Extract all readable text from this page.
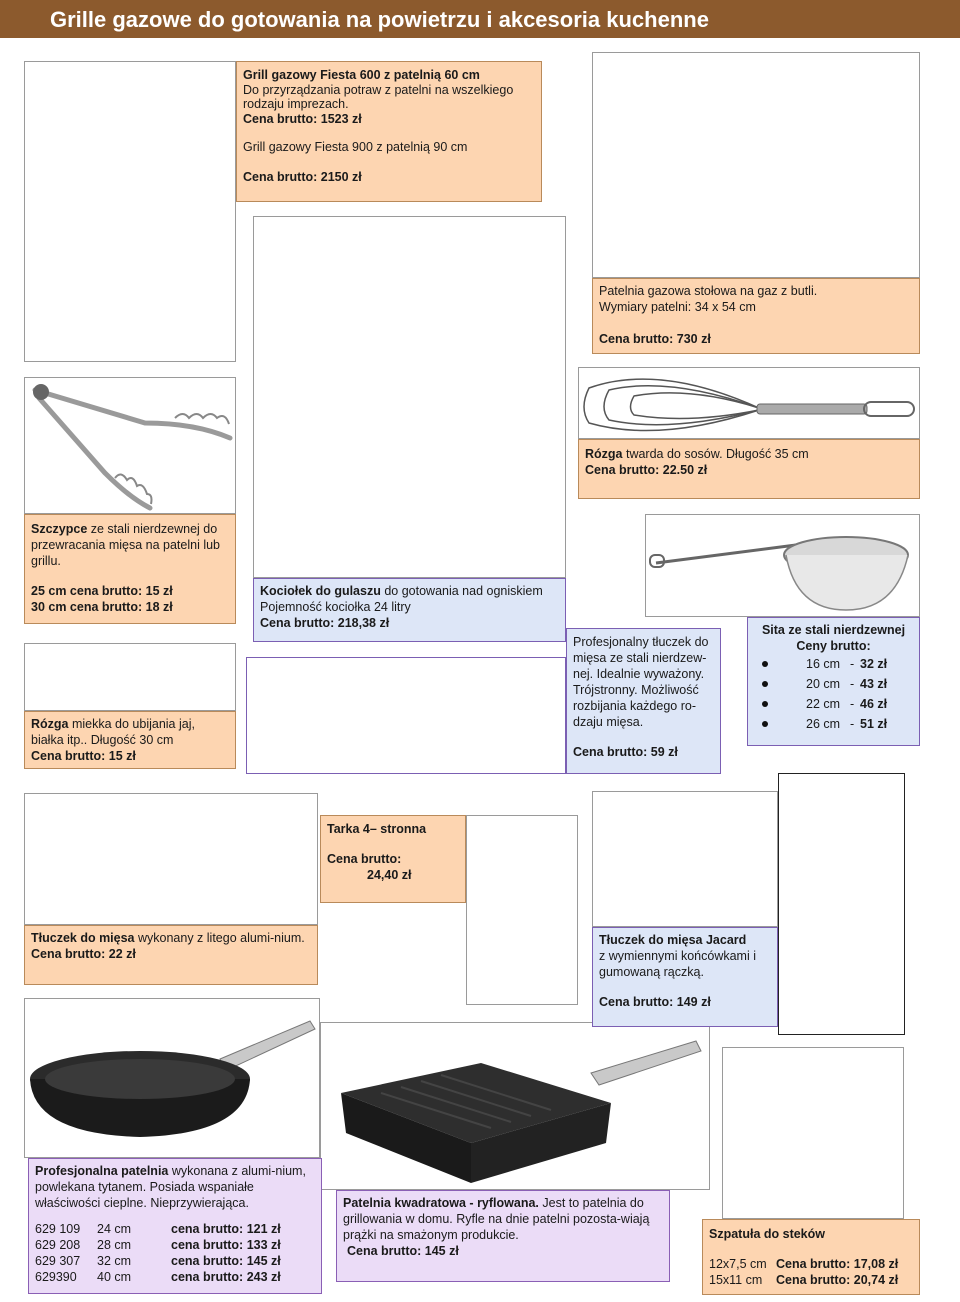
Grille gazowe do gotowania na powietrzu i akcesoria kuchenne
Grill gazowy Fiesta 600 z patelnią 60 cm
Do przyrządzania potraw z patelni na wszelkiego rodzaju imprezach.
Cena brutto: 1523 zł
Grill gazowy Fiesta 900 z patelnią 90 cm
Cena brutto: 2150 zł
Patelnia gazowa stołowa na gaz z butli.
Wymiary patelni: 34 x 54 cm
Cena brutto: 730 zł
Rózga twarda do sosów. Długość 35 cm
Cena brutto: 22.50 zł
Szczypce ze stali nierdzewnej do przewracania mięsa na patelni lub grillu.
25 cm cena brutto: 15 zł
30 cm cena brutto: 18 zł
Kociołek do gulaszu do gotowania nad ogniskiem
Pojemność kociołka 24 litry
Cena brutto: 218,38 zł
Profesjonalny tłuczek do mięsa ze stali nierdzew-nej. Idealnie wyważony. Trójstronny. Możliwość rozbijania każdego ro-dzaju mięsa.
Cena brutto: 59 zł
Sita ze stali nierdzewnej
Ceny brutto:
16 cm - 32 zł
20 cm - 43 zł
22 cm - 46 zł
26 cm - 51 zł
Rózga miekka do ubijania jaj, białka itp.. Długość 30 cm
Cena brutto: 15 zł
Tarka 4– stronna
Cena brutto:
24,40 zł
Tłuczek do mięsa wykonany z litego alumi-nium.
Cena brutto: 22 zł
Tłuczek do mięsa Jacard
z wymiennymi końcówkami i gumowaną rączką.
Cena brutto: 149 zł
Profesjonalna patelnia wykonana z alumi-nium, powlekana tytanem. Posiada wspaniałe właściwości cieplne. Nieprzywierająca.
629 109	24 cm	cena brutto: 121 zł
629 208	28 cm	cena brutto: 133 zł
629 307	32 cm	cena brutto: 145 zł
629390	40 cm	cena brutto: 243 zł
Patelnia kwadratowa - ryflowana. Jest to patelnia do grillowania w domu. Ryfle na dnie patelni pozosta-wiają prążki na smażonym produkcie.
Cena brutto: 145 zł
Szpatuła do steków
12x7,5 cm Cena brutto: 17,08 zł
15x11 cm	Cena brutto: 20,74 zł
